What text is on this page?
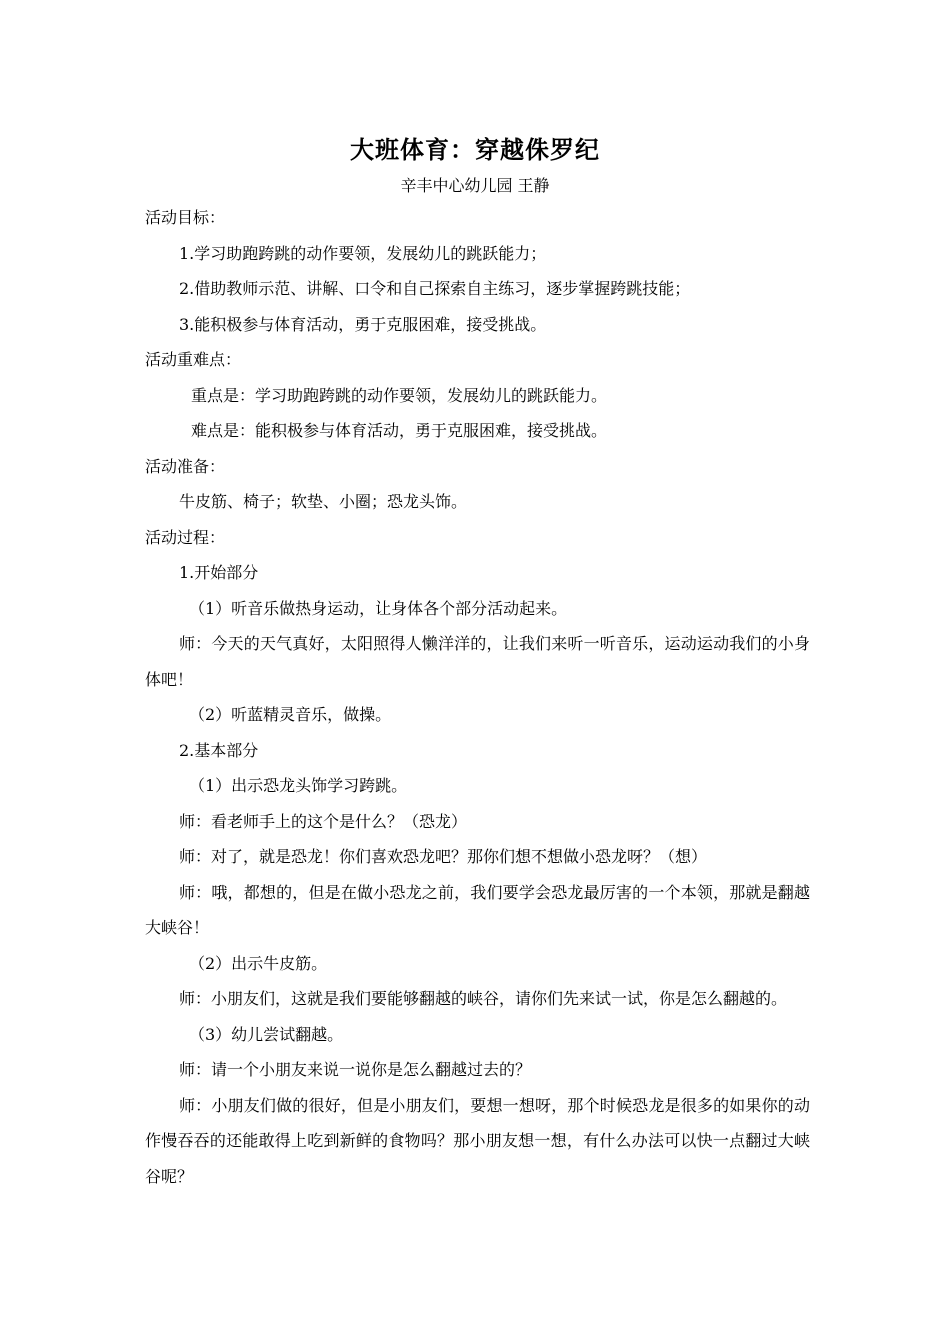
大班体育：穿越侏罗纪
辛丰中心幼儿园 王静

活动目标：

1.学习助跑跨跳的动作要领，发展幼儿的跳跃能力；

2.借助教师示范、讲解、口令和自己探索自主练习，逐步掌握跨跳技能；

3.能积极参与体育活动，勇于克服困难，接受挑战。

活动重难点：

重点是：学习助跑跨跳的动作要领，发展幼儿的跳跃能力。

难点是：能积极参与体育活动，勇于克服困难，接受挑战。

活动准备：

牛皮筋、椅子；软垫、小圈；恐龙头饰。

活动过程：

1.开始部分

（1）听音乐做热身运动，让身体各个部分活动起来。

师：今天的天气真好，太阳照得人懒洋洋的，让我们来听一听音乐，运动运动我们的小身体吧！

（2）听蓝精灵音乐，做操。

2.基本部分

（1）出示恐龙头饰学习跨跳。

师：看老师手上的这个是什么？（恐龙）

师：对了，就是恐龙！你们喜欢恐龙吧？那你们想不想做小恐龙呀？（想）

师：哦，都想的，但是在做小恐龙之前，我们要学会恐龙最厉害的一个本领，那就是翻越大峡谷！

（2）出示牛皮筋。

师：小朋友们，这就是我们要能够翻越的峡谷，请你们先来试一试，你是怎么翻越的。

（3）幼儿尝试翻越。

师：请一个小朋友来说一说你是怎么翻越过去的？

师：小朋友们做的很好，但是小朋友们，要想一想呀，那个时候恐龙是很多的如果你的动作慢吞吞的还能敢得上吃到新鲜的食物吗？那小朋友想一想，有什么办法可以快一点翻过大峡谷呢？
